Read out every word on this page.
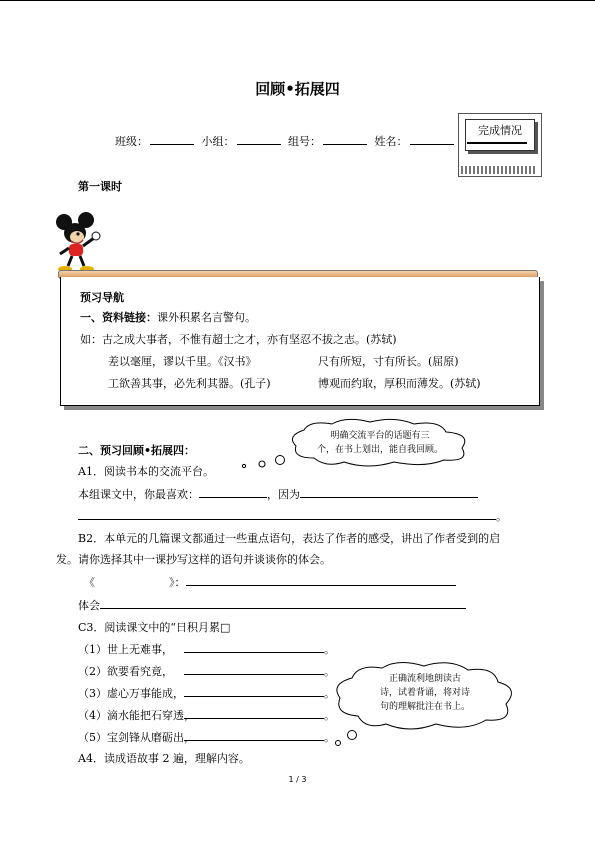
回顾•拓展四
班级：	小组：	组号：	姓名：
完成情况
第一课时
预习导航
一、资料链接：课外积累名言警句。
如：古之成大事者，不惟有超士之才，亦有坚忍不拔之志。(苏轼)
差以毫厘，谬以千里。《汉书》	尺有所短，寸有所长。(屈原)
工欲善其事，必先利其器。(孔子)	博观而约取，厚积而薄发。(苏轼)
二、预习回顾•拓展四：
明确交流平台的话题有三
个，在书上划出，能自我回顾。
A1．阅读书本的交流平台。
本组课文中，你最喜欢：	，因为
。
B2．本单元的几篇课文都通过一些重点语句，表达了作者的感受，讲出了作者受到的启
发。请你选择其中一课抄写这样的语句并谈谈你的体会。
《	》：
体会
C3．阅读课文中的“日积月累□
（1）世上无难事，	。
（2）欲要看究竟，	。
（3）虚心万事能成，	。
（4）滴水能把石穿透，	。
（5）宝剑锋从磨砺出，	。
正确流利地朗读古
诗，试着背诵，将对诗
句的理解批注在书上。
A4．读成语故事 2 遍，理解内容。
1 / 3
